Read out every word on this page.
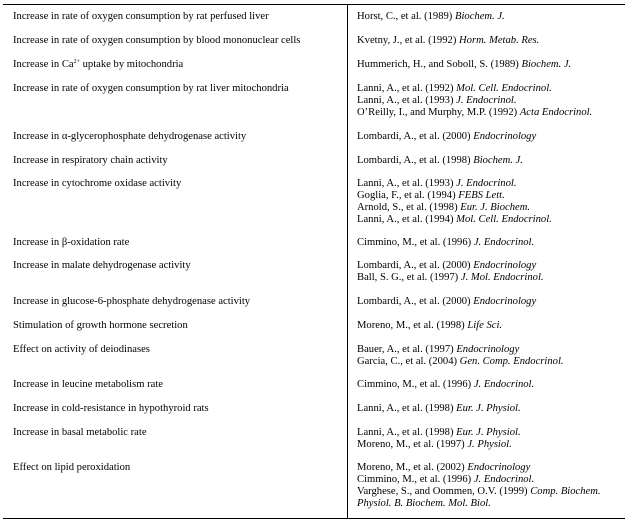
Increase in rate of oxygen consumption by rat perfused liver	Horst, C., et al. (1989) Biochem. J.
Increase in rate of oxygen consumption by blood mononuclear cells	Kvetny, J., et al. (1992) Horm. Metab. Res.
Increase in $Ca^{2+}$ uptake by mitochondria	Hummerich, H., and Soboll, S. (1989) Biochem. J.
Increase in rate of oxygen consumption by rat liver mitochondria	Lanni, A., et al. (1992) Mol. Cell. Endocrinol.
Lanni, A., et al. (1993) J. Endocrinol.
O’Reilly, I., and Murphy, M.P. (1992) Acta Endocrinol.
Increase in α-glycerophosphate dehydrogenase activity	Lombardi, A., et al. (2000) Endocrinology
Increase in respiratory chain activity	Lombardi, A., et al. (1998) Biochem. J.
Increase in cytochrome oxidase activity	Lanni, A., et al. (1993) J. Endocrinol.
Goglia, F., et al. (1994) FEBS Lett.
Arnold, S., et al. (1998) Eur. J. Biochem.
Lanni, A., et al. (1994) Mol. Cell. Endocrinol.
Increase in β-oxidation rate	Cimmino, M., et al. (1996) J. Endocrinol.
Increase in malate dehydrogenase activity	Lombardi, A., et al. (2000) Endocrinology
Ball, S. G., et al. (1997) J. Mol. Endocrinol.
Increase in glucose-6-phosphate dehydrogenase activity	Lombardi, A., et al. (2000) Endocrinology
Stimulation of growth hormone secretion	Moreno, M., et al. (1998) Life Sci.
Effect on activity of deiodinases	Bauer, A., et al. (1997) Endocrinology
Garcia, C., et al. (2004) Gen. Comp. Endocrinol.
Increase in leucine metabolism rate	Cimmino, M., et al. (1996) J. Endocrinol.
Increase in cold-resistance in hypothyroid rats	Lanni, A., et al. (1998) Eur. J. Physiol.
Increase in basal metabolic rate	Lanni, A., et al. (1998) Eur. J. Physiol.
Moreno, M., et al. (1997) J. Physiol.
Effect on lipid peroxidation	Moreno, M., et al. (2002) Endocrinology
Cimmino, M., et al. (1996) J. Endocrinol.
Varghese, S., and Oommen, O.V. (1999) Comp. Biochem.
Physiol. B. Biochem. Mol. Biol.
